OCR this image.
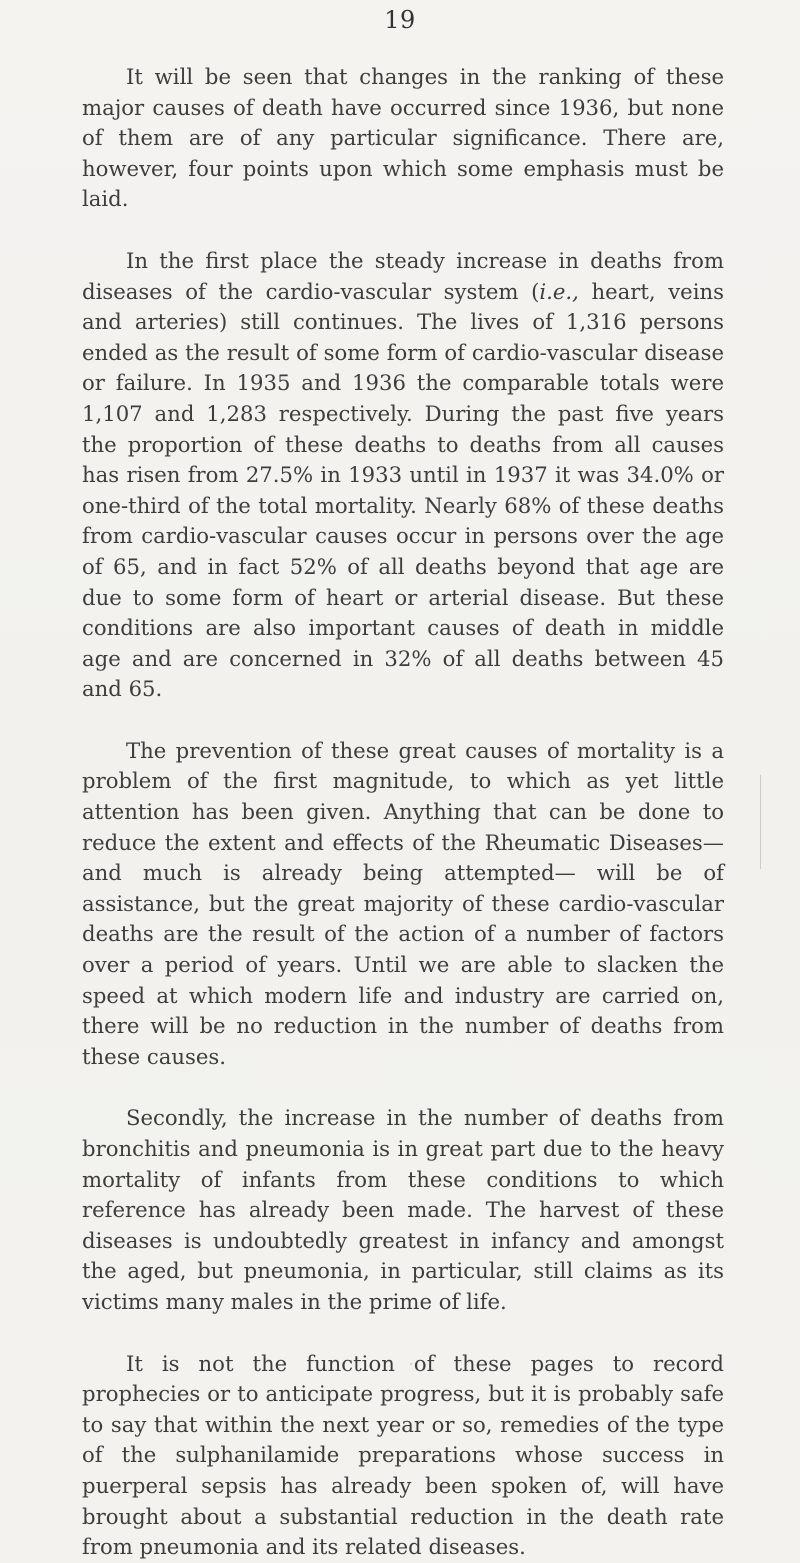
19

It will be seen that changes in the ranking of these major causes of death have occurred since 1936, but none of them are of any particular significance. There are, however, four points upon which some emphasis must be laid.

In the first place the steady increase in deaths from diseases of the cardio-vascular system (i.e., heart, veins and arteries) still continues. The lives of 1,316 persons ended as the result of some form of cardio-vascular disease or failure. In 1935 and 1936 the comparable totals were 1,107 and 1,283 respectively. During the past five years the proportion of these deaths to deaths from all causes has risen from 27.5% in 1933 until in 1937 it was 34.0% or one-third of the total mortality. Nearly 68% of these deaths from cardio-vascular causes occur in persons over the age of 65, and in fact 52% of all deaths beyond that age are due to some form of heart or arterial disease. But these conditions are also important causes of death in middle age and are concerned in 32% of all deaths between 45 and 65.

The prevention of these great causes of mortality is a problem of the first magnitude, to which as yet little attention has been given. Anything that can be done to reduce the extent and effects of the Rheumatic Diseases—and much is already being attempted— will be of assistance, but the great majority of these cardio-vascular deaths are the result of the action of a number of factors over a period of years. Until we are able to slacken the speed at which modern life and industry are carried on, there will be no reduction in the number of deaths from these causes.

Secondly, the increase in the number of deaths from bronchitis and pneumonia is in great part due to the heavy mortality of infants from these conditions to which reference has already been made. The harvest of these diseases is undoubtedly greatest in infancy and amongst the aged, but pneumonia, in particular, still claims as its victims many males in the prime of life.

It is not the function of these pages to record prophecies or to anticipate progress, but it is probably safe to say that within the next year or so, remedies of the type of the sulphanilamide preparations whose success in puerperal sepsis has already been spoken of, will have brought about a substantial reduction in the death rate from pneumonia and its related diseases.
